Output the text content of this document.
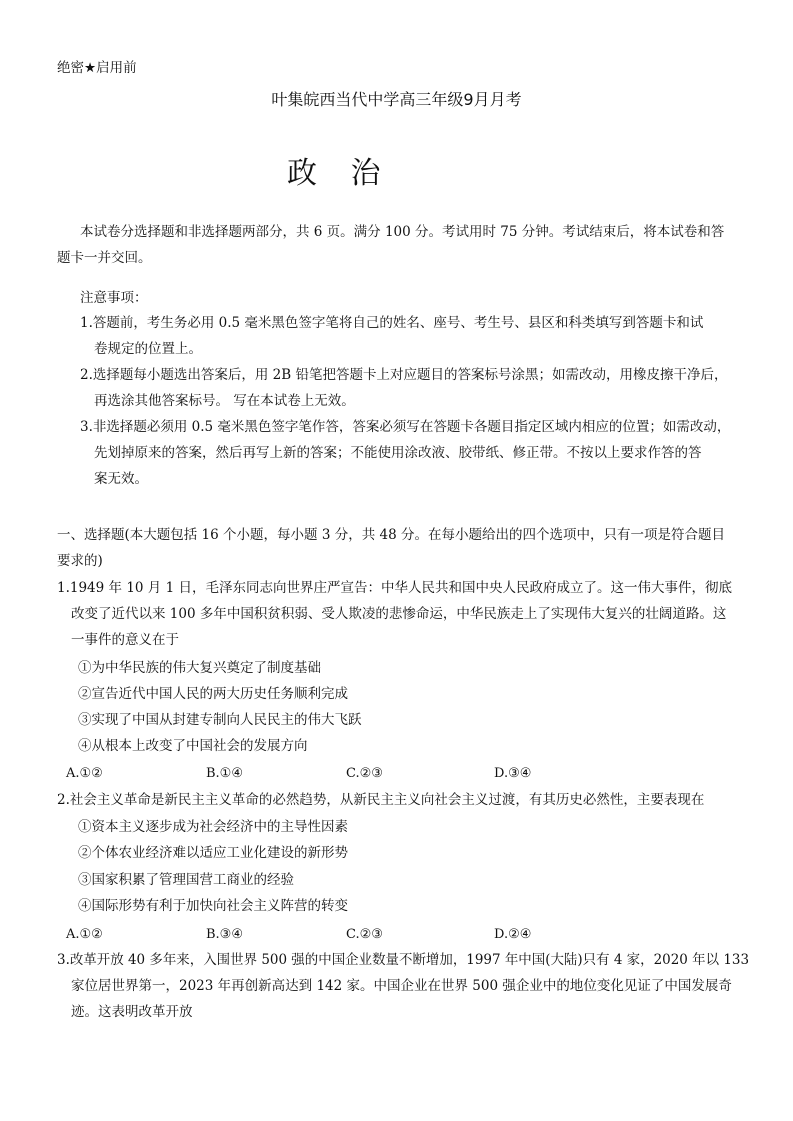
绝密★启用前
叶集皖西当代中学高三年级9月月考
政 治
本试卷分选择题和非选择题两部分，共 6 页。满分 100 分。考试用时 75 分钟。考试结束后，将本试卷和答
题卡一并交回。
注意事项：
1.答题前，考生务必用 0.5 毫米黑色签字笔将自己的姓名、座号、考生号、县区和科类填写到答题卡和试
卷规定的位置上。
2.选择题每小题选出答案后，用 2B 铅笔把答题卡上对应题目的答案标号涂黑；如需改动，用橡皮擦干净后，
再选涂其他答案标号。 写在本试卷上无效。
3.非选择题必须用 0.5 毫米黑色签字笔作答，答案必须写在答题卡各题目指定区域内相应的位置；如需改动，
先划掉原来的答案，然后再写上新的答案；不能使用涂改液、胶带纸、修正带。不按以上要求作答的答
案无效。
一、选择题(本大题包括 16 个小题，每小题 3 分，共 48 分。在每小题给出的四个选项中，只有一项是符合题目
要求的)
1.1949 年 10 月 1 日，毛泽东同志向世界庄严宣告：中华人民共和国中央人民政府成立了。这一伟大事件，彻底
改变了近代以来 100 多年中国积贫积弱、受人欺凌的悲惨命运，中华民族走上了实现伟大复兴的壮阔道路。这
一事件的意义在于
①为中华民族的伟大复兴奠定了制度基础
②宣告近代中国人民的两大历史任务顺利完成
③实现了中国从封建专制向人民民主的伟大飞跃
④从根本上改变了中国社会的发展方向
A.①②	B.①④	C.②③	D.③④
2.社会主义革命是新民主主义革命的必然趋势，从新民主主义向社会主义过渡，有其历史必然性，主要表现在
①资本主义逐步成为社会经济中的主导性因素
②个体农业经济难以适应工业化建设的新形势
③国家积累了管理国营工商业的经验
④国际形势有利于加快向社会主义阵营的转变
A.①②	B.③④	C.②③	D.②④
3.改革开放 40 多年来，入围世界 500 强的中国企业数量不断增加，1997 年中国(大陆)只有 4 家，2020 年以 133
家位居世界第一，2023 年再创新高达到 142 家。中国企业在世界 500 强企业中的地位变化见证了中国发展奇
迹。这表明改革开放
